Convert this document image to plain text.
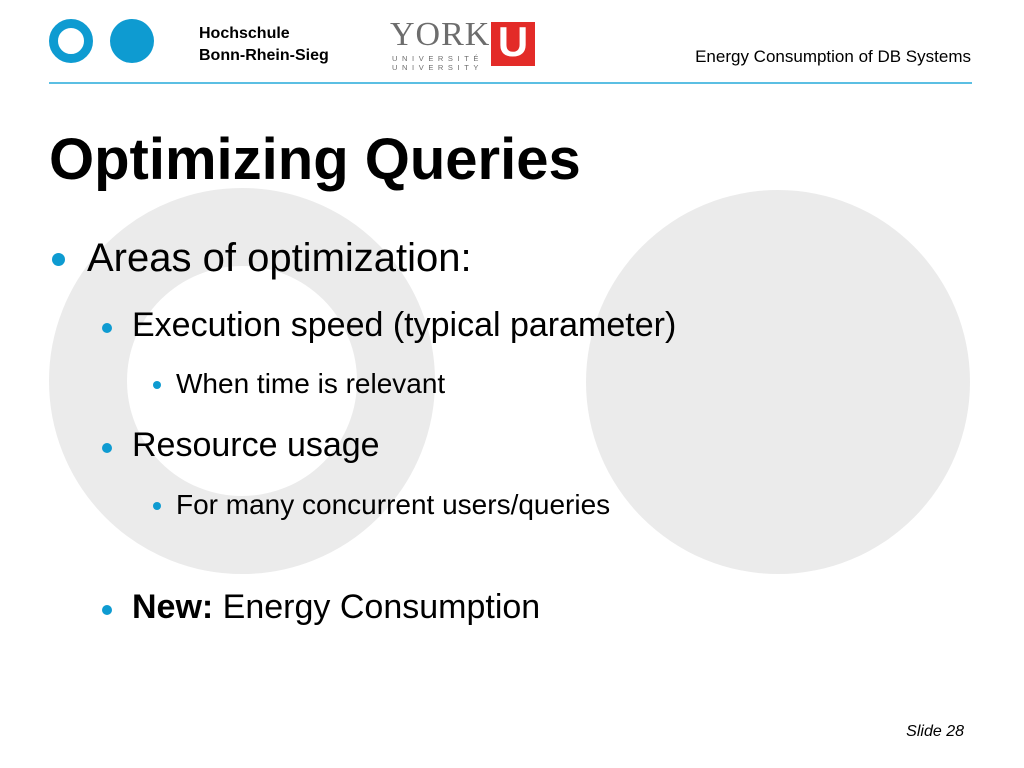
Hochschule
Bonn-Rhein-Sieg
YORK
UNIVERSITÉ
UNIVERSITY
U	Energy Consumption of DB Systems
Optimizing Queries
Areas of optimization:
Execution speed (typical parameter)
When time is relevant
Resource usage
For many concurrent users/queries
New: Energy Consumption
Slide 28
